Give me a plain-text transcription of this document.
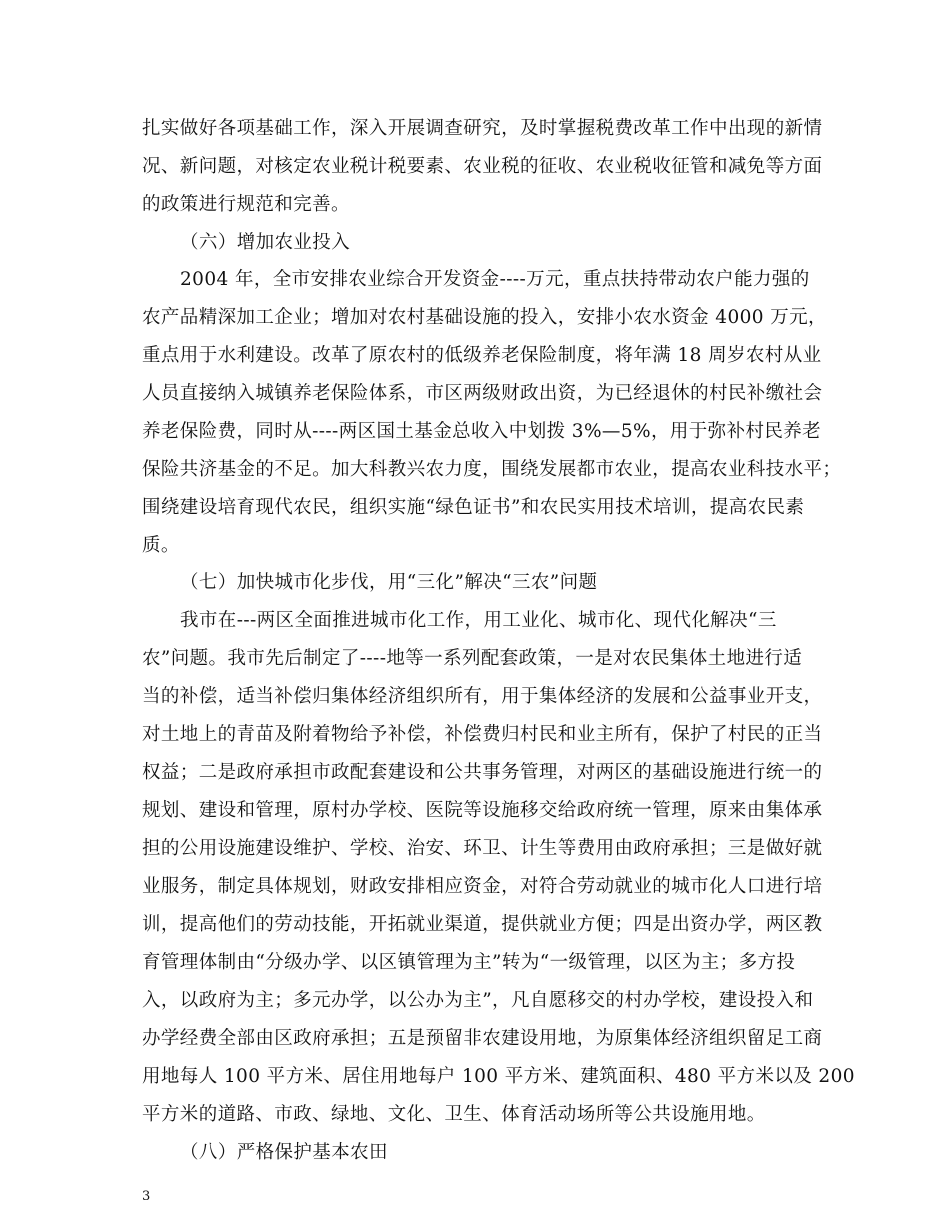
扎实做好各项基础工作，深入开展调查研究，及时掌握税费改革工作中出现的新情
况、新问题，对核定农业税计税要素、农业税的征收、农业税收征管和减免等方面
的政策进行规范和完善。
（六）增加农业投入
2004 年，全市安排农业综合开发资金----万元，重点扶持带动农户能力强的
农产品精深加工企业；增加对农村基础设施的投入，安排小农水资金 4000 万元，
重点用于水利建设。改革了原农村的低级养老保险制度，将年满 18 周岁农村从业
人员直接纳入城镇养老保险体系，市区两级财政出资，为已经退休的村民补缴社会
养老保险费，同时从----两区国土基金总收入中划拨 3%—5%，用于弥补村民养老
保险共济基金的不足。加大科教兴农力度，围绕发展都市农业，提高农业科技水平；
围绕建设培育现代农民，组织实施“绿色证书”和农民实用技术培训，提高农民素
质。
（七）加快城市化步伐，用“三化”解决“三农”问题
我市在---两区全面推进城市化工作，用工业化、城市化、现代化解决“三
农”问题。我市先后制定了----地等一系列配套政策，一是对农民集体土地进行适
当的补偿，适当补偿归集体经济组织所有，用于集体经济的发展和公益事业开支，
对土地上的青苗及附着物给予补偿，补偿费归村民和业主所有，保护了村民的正当
权益；二是政府承担市政配套建设和公共事务管理，对两区的基础设施进行统一的
规划、建设和管理，原村办学校、医院等设施移交给政府统一管理，原来由集体承
担的公用设施建设维护、学校、治安、环卫、计生等费用由政府承担；三是做好就
业服务，制定具体规划，财政安排相应资金，对符合劳动就业的城市化人口进行培
训，提高他们的劳动技能，开拓就业渠道，提供就业方便；四是出资办学，两区教
育管理体制由“分级办学、以区镇管理为主”转为“一级管理，以区为主；多方投
入，以政府为主；多元办学，以公办为主”，凡自愿移交的村办学校，建设投入和
办学经费全部由区政府承担；五是预留非农建设用地，为原集体经济组织留足工商
用地每人 100 平方米、居住用地每户 100 平方米、建筑面积、480 平方米以及 200
平方米的道路、市政、绿地、文化、卫生、体育活动场所等公共设施用地。
（八）严格保护基本农田
3
